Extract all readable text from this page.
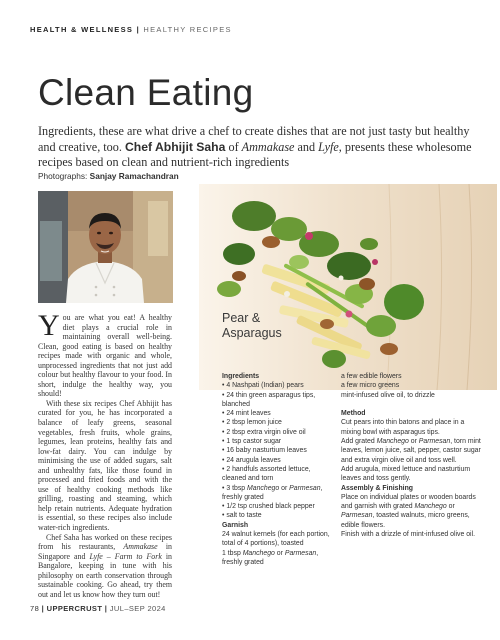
HEALTH & WELLNESS | HEALTHY RECIPES
Clean Eating
Ingredients, these are what drive a chef to create dishes that are not just tasty but healthy and creative, too. Chef Abhijit Saha of Ammakase and Lyfe, presents these wholesome recipes based on clean and nutrient-rich ingredients
Photographs: Sanjay Ramachandran

You are what you eat! A healthy diet plays a crucial role in maintaining overall well-being. Clean, good eating is based on healthy recipes made with organic and whole, unprocessed ingredients that not just add colour but healthy flavour to your food. In short, indulge the healthy way, you should!

With these six recipes Chef Abhijit has curated for you, he has incorporated a balance of leafy greens, seasonal vegetables, fresh fruits, whole grains, legumes, lean proteins, healthy fats and low-fat dairy. You can indulge by minimising the use of added sugars, salt and unhealthy fats, like those found in processed and fried foods and with the use of healthy cooking methods like grilling, roasting and steaming, which help retain nutrients. Adequate hydration is essential, so these recipes also include water-rich ingredients.

Chef Saha has worked on these recipes from his restaurants, Ammakase in Singapore and Lyfe – Farm to Fork in Bangalore, keeping in tune with his philosophy on earth conservation through sustainable cooking. Go ahead, try them out and let us know how they turn out!

Pear &
Asparagus
Ingredients
• 4 Nashpati (Indian) pears
• 24 thin green asparagus tips, blanched
• 24 mint leaves
• 2 tbsp lemon juice
• 2 tbsp extra virgin olive oil
• 1 tsp castor sugar
• 16 baby nasturtium leaves
• 24 arugula leaves
• 2 handfuls assorted lettuce, cleaned and torn
• 3 tbsp Manchego or Parmesan, freshly grated
• 1/2 tsp crushed black pepper
• salt to taste
Garnish
24 walnut kernels (for each portion, total of 4 portions), toasted
1 tbsp Manchego or Parmesan, freshly grated
a few edible flowers
a few micro greens
mint-infused olive oil, to drizzle
Method
Cut pears into thin batons and place in a mixing bowl with asparagus tips.
Add grated Manchego or Parmesan, torn mint leaves, lemon juice, salt, pepper, castor sugar and extra virgin olive oil and toss well.
Add arugula, mixed lettuce and nasturtium leaves and toss gently.
Assembly & Finishing
Place on individual plates or wooden boards and garnish with grated Manchego or Parmesan, toasted walnuts, micro greens, edible flowers.
Finish with a drizzle of mint-infused olive oil.
78 | UPPERCRUST | JUL–SEP 2024
